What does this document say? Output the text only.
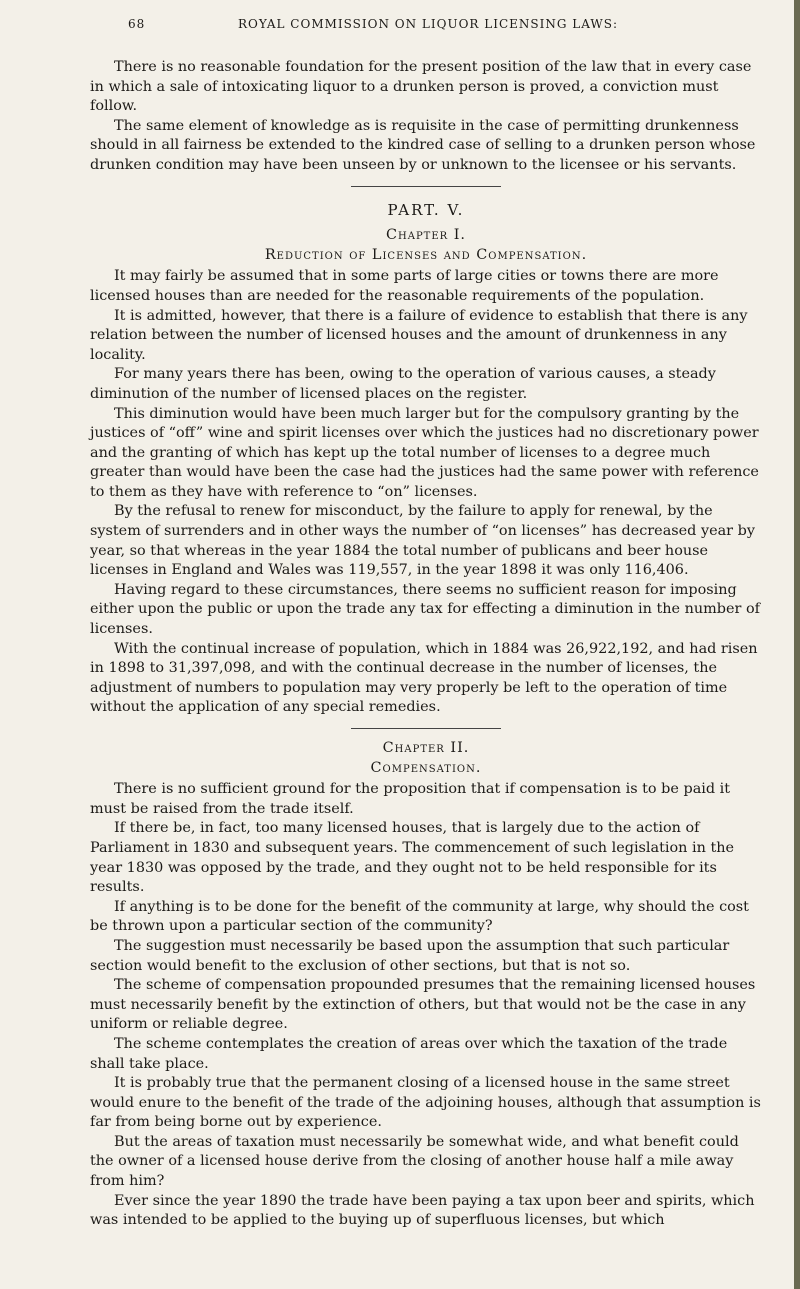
68	ROYAL COMMISSION ON LIQUOR LICENSING LAWS:

There is no reasonable foundation for the present position of the law that in every case in which a sale of intoxicating liquor to a drunken person is proved, a conviction must follow.

The same element of knowledge as is requisite in the case of permitting drunkenness should in all fairness be extended to the kindred case of selling to a drunken person whose drunken condition may have been unseen by or unknown to the licensee or his servants.

PART. V.
Chapter I.
Reduction of Licenses and Compensation.

It may fairly be assumed that in some parts of large cities or towns there are more licensed houses than are needed for the reasonable requirements of the population.

It is admitted, however, that there is a failure of evidence to establish that there is any relation between the number of licensed houses and the amount of drunkenness in any locality.

For many years there has been, owing to the operation of various causes, a steady diminution of the number of licensed places on the register.

This diminution would have been much larger but for the compulsory granting by the justices of “off” wine and spirit licenses over which the justices had no discretionary power and the granting of which has kept up the total number of licenses to a degree much greater than would have been the case had the justices had the same power with reference to them as they have with reference to “on” licenses.

By the refusal to renew for misconduct, by the failure to apply for renewal, by the system of surrenders and in other ways the number of “on licenses” has decreased year by year, so that whereas in the year 1884 the total number of publicans and beer house licenses in England and Wales was 119,557, in the year 1898 it was only 116,406.

Having regard to these circumstances, there seems no sufficient reason for imposing either upon the public or upon the trade any tax for effecting a diminution in the number of licenses.

With the continual increase of population, which in 1884 was 26,922,192, and had risen in 1898 to 31,397,098, and with the continual decrease in the number of licenses, the adjustment of numbers to population may very properly be left to the operation of time without the application of any special remedies.

Chapter II.
Compensation.

There is no sufficient ground for the proposition that if compensation is to be paid it must be raised from the trade itself.

If there be, in fact, too many licensed houses, that is largely due to the action of Parliament in 1830 and subsequent years. The commencement of such legislation in the year 1830 was opposed by the trade, and they ought not to be held responsible for its results.

If anything is to be done for the benefit of the community at large, why should the cost be thrown upon a particular section of the community?

The suggestion must necessarily be based upon the assumption that such particular section would benefit to the exclusion of other sections, but that is not so.

The scheme of compensation propounded presumes that the remaining licensed houses must necessarily benefit by the extinction of others, but that would not be the case in any uniform or reliable degree.

The scheme contemplates the creation of areas over which the taxation of the trade shall take place.

It is probably true that the permanent closing of a licensed house in the same street would enure to the benefit of the trade of the adjoining houses, although that assumption is far from being borne out by experience.

But the areas of taxation must necessarily be somewhat wide, and what benefit could the owner of a licensed house derive from the closing of another house half a mile away from him?

Ever since the year 1890 the trade have been paying a tax upon beer and spirits, which was intended to be applied to the buying up of superfluous licenses, but which
